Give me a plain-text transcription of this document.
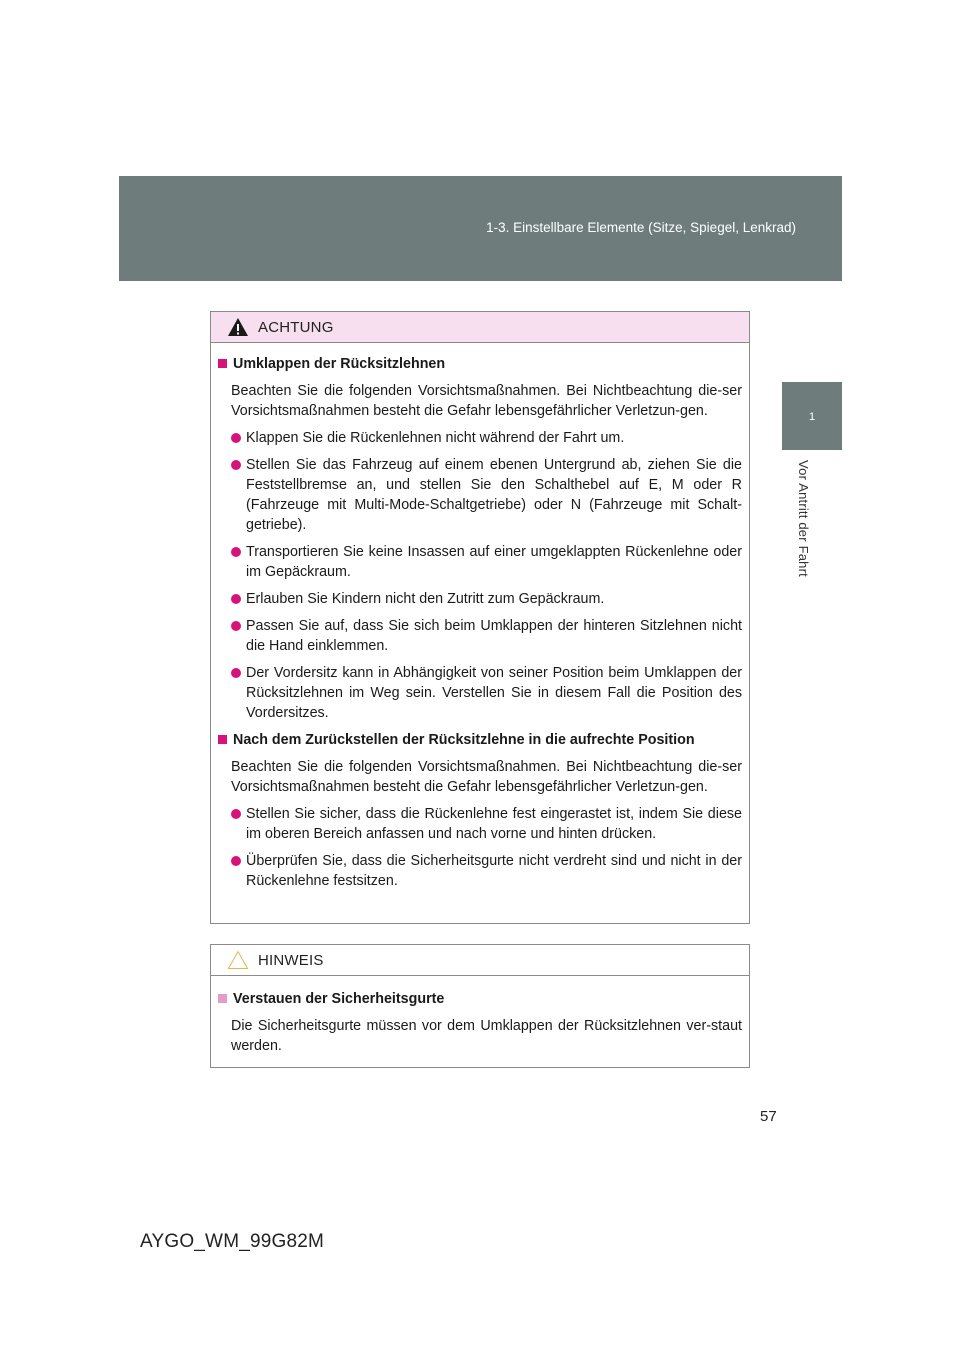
1-3. Einstellbare Elemente (Sitze, Spiegel, Lenkrad)
1
Vor Antritt der Fahrt
ACHTUNG
Umklappen der Rücksitzlehnen
Beachten Sie die folgenden Vorsichtsmaßnahmen. Bei Nichtbeachtung die-ser Vorsichtsmaßnahmen besteht die Gefahr lebensgefährlicher Verletzun-gen.
Klappen Sie die Rückenlehnen nicht während der Fahrt um.
Stellen Sie das Fahrzeug auf einem ebenen Untergrund ab, ziehen Sie die Feststellbremse an, und stellen Sie den Schalthebel auf E, M oder R (Fahrzeuge mit Multi-Mode-Schaltgetriebe) oder N (Fahrzeuge mit Schalt-getriebe).
Transportieren Sie keine Insassen auf einer umgeklappten Rückenlehne oder im Gepäckraum.
Erlauben Sie Kindern nicht den Zutritt zum Gepäckraum.
Passen Sie auf, dass Sie sich beim Umklappen der hinteren Sitzlehnen nicht die Hand einklemmen.
Der Vordersitz kann in Abhängigkeit von seiner Position beim Umklappen der Rücksitzlehnen im Weg sein. Verstellen Sie in diesem Fall die Position des Vordersitzes.
Nach dem Zurückstellen der Rücksitzlehne in die aufrechte Position
Beachten Sie die folgenden Vorsichtsmaßnahmen. Bei Nichtbeachtung die-ser Vorsichtsmaßnahmen besteht die Gefahr lebensgefährlicher Verletzun-gen.
Stellen Sie sicher, dass die Rückenlehne fest eingerastet ist, indem Sie diese im oberen Bereich anfassen und nach vorne und hinten drücken.
Überprüfen Sie, dass die Sicherheitsgurte nicht verdreht sind und nicht in der Rückenlehne festsitzen.
HINWEIS
Verstauen der Sicherheitsgurte
Die Sicherheitsgurte müssen vor dem Umklappen der Rücksitzlehnen ver-staut werden.
57
AYGO_WM_99G82M
